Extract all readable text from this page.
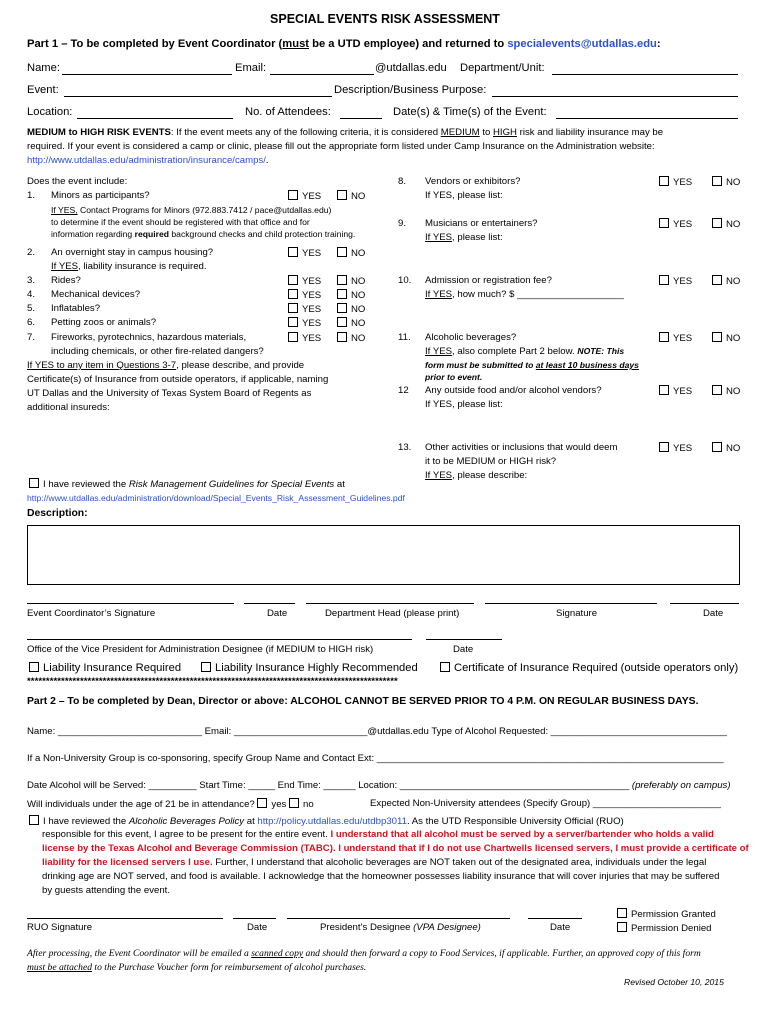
SPECIAL EVENTS RISK ASSESSMENT
Part 1 – To be completed by Event Coordinator (must be a UTD employee) and returned to specialevents@utdallas.edu:
Name:	Email:	@utdallas.edu Department/Unit:
Event:	Description/Business Purpose:
Location:	No. of Attendees:	Date(s) & Time(s) of the Event:
MEDIUM to HIGH RISK EVENTS: If the event meets any of the following criteria, it is considered MEDIUM to HIGH risk and liability insurance may be
required. If your event is considered a camp or clinic, please fill out the appropriate form listed under Camp Insurance on the Administration website:
http://www.utdallas.edu/administration/insurance/camps/.
Does the event include:
1. Minors as participants?	YES	NO
If YES, Contact Programs for Minors (972.883.7412 / pace@utdallas.edu)
to determine if the event should be registered with that office and for
information regarding required background checks and child protection training.
2. An overnight stay in campus housing?	YES	NO
If YES, liability insurance is required.
3. Rides?	YES	NO
4. Mechanical devices?	YES	NO
5. Inflatables?	YES	NO
6. Petting zoos or animals?	YES	NO
7. Fireworks, pyrotechnics, hazardous materials,	YES	NO
including chemicals, or other fire-related dangers?
If YES to any item in Questions 3-7, please describe, and provide
Certificate(s) of Insurance from outside operators, if applicable, naming
UT Dallas and the University of Texas System Board of Regents as
additional insureds:
8. Vendors or exhibitors?
If YES, please list:
YES	NO
9. Musicians or entertainers?
If YES, please list:
YES	NO
10. Admission or registration fee?
If YES, how much? $ ____________________
YES	NO
11. Alcoholic beverages?
If YES, also complete Part 2 below. NOTE: This
form must be submitted to at least 10 business days
prior to event.
YES	NO
12 Any outside food and/or alcohol vendors?
If YES, please list:
YES	NO
13. Other activities or inclusions that would deem
it to be MEDIUM or HIGH risk?
If YES, please describe:
YES	NO
I have reviewed the Risk Management Guidelines for Special Events at
http://www.utdallas.edu/administration/download/Special_Events_Risk_Assessment_Guidelines.pdf
Description:
Event Coordinator’s Signature	Date	Department Head (please print)	Signature	Date
Office of the Vice President for Administration Designee (if MEDIUM to HIGH risk)	Date
Liability Insurance Required	Liability Insurance Highly Recommended	Certificate of Insurance Required (outside operators only)
**************************************************************************************************
Part 2 – To be completed by Dean, Director or above: ALCOHOL CANNOT BE SERVED PRIOR TO 4 P.M. ON REGULAR BUSINESS DAYS.
Name: ___________________________ Email: _________________________@utdallas.edu Type of Alcohol Requested: _________________________________
If a Non-University Group is co-sponsoring, specify Group Name and Contact Ext: _________________________________________________________________
Date Alcohol will be Served: _________ Start Time: _____ End Time: ______ Location: ___________________________________________ (preferably on campus)
Will individuals under the age of 21 be in attendance? yes no	Expected Non-University attendees (Specify Group) ________________________
I have reviewed the Alcoholic Beverages Policy at http://policy.utdallas.edu/utdbp3011. As the UTD Responsible University Official (RUO)
responsible for this event, I agree to be present for the entire event. I understand that all alcohol must be served by a server/bartender who holds a valid
license by the Texas Alcohol and Beverage Commission (TABC). I understand that if I do not use Chartwells licensed servers, I must provide a certificate of
liability for the licensed servers I use. Further, I understand that alcoholic beverages are NOT taken out of the designated area, individuals under the legal
drinking age are NOT served, and food is available. I acknowledge that the homeowner possesses liability insurance that will cover injuries that may be suffered
by guests attending the event.
RUO Signature	Date	President’s Designee (VPA Designee)	Date
Permission Granted
Permission Denied
After processing, the Event Coordinator will be emailed a scanned copy and should then forward a copy to Food Services, if applicable. Further, an approved copy of this form
must be attached to the Purchase Voucher form for reimbursement of alcohol purchases.
Revised October 10, 2015
